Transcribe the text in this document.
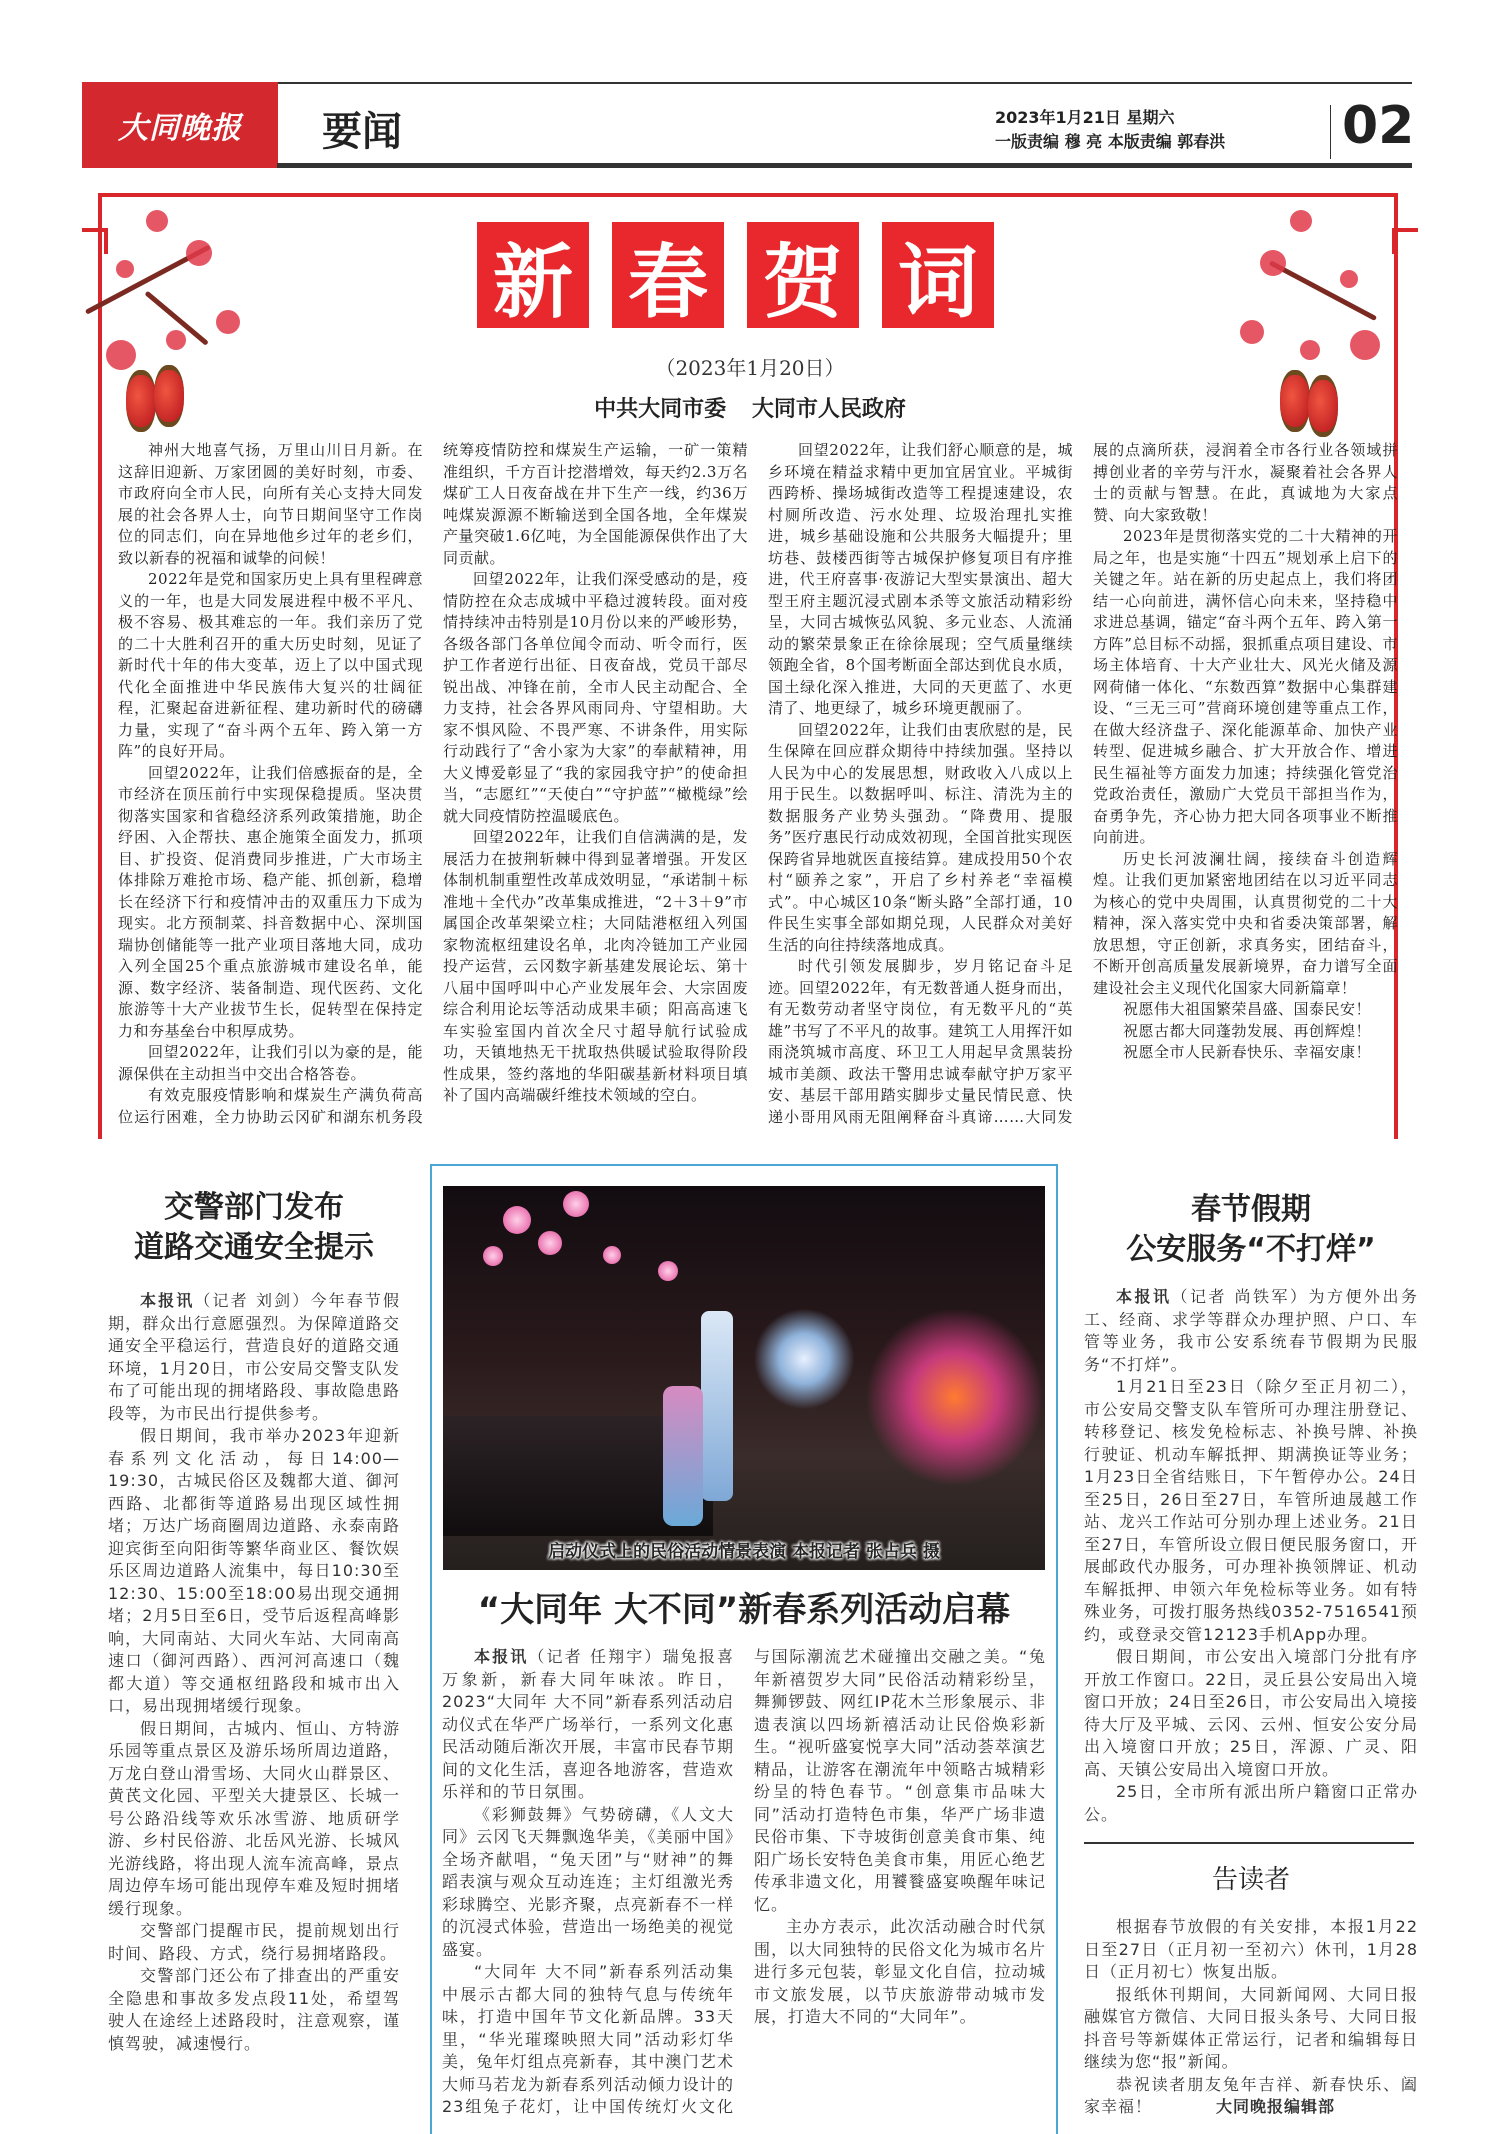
大同晚报	要闻	2023年1月21日 星期六
一版责编 穆 亮 本版责编 郭春洪 02
新 春 贺 词
（2023年1月20日）
中共大同市委 大同市人民政府

神州大地喜气扬，万里山川日月新。在这辞旧迎新、万家团圆的美好时刻，市委、市政府向全市人民，向所有关心支持大同发展的社会各界人士，向节日期间坚守工作岗位的同志们，向在异地他乡过年的老乡们，致以新春的祝福和诚挚的问候！

2022年是党和国家历史上具有里程碑意义的一年，也是大同发展进程中极不平凡、极不容易、极其难忘的一年。我们亲历了党的二十大胜利召开的重大历史时刻，见证了新时代十年的伟大变革，迈上了以中国式现代化全面推进中华民族伟大复兴的壮阔征程，汇聚起奋进新征程、建功新时代的磅礴力量，实现了“奋斗两个五年、跨入第一方阵”的良好开局。

回望2022年，让我们倍感振奋的是，全市经济在顶压前行中实现保稳提质。坚决贯彻落实国家和省稳经济系列政策措施，助企纾困、入企帮扶、惠企施策全面发力，抓项目、扩投资、促消费同步推进，广大市场主体排除万难抢市场、稳产能、抓创新，稳增长在经济下行和疫情冲击的双重压力下成为现实。北方预制菜、抖音数据中心、深圳国瑞协创储能等一批产业项目落地大同，成功入列全国25个重点旅游城市建设名单，能源、数字经济、装备制造、现代医药、文化旅游等十大产业拔节生长，促转型在保持定力和夯基垒台中积厚成势。

回望2022年，让我们引以为豪的是，能源保供在主动担当中交出合格答卷。

有效克服疫情影响和煤炭生产满负荷高位运行困难，全力协助云冈矿和湖东机务段统筹疫情防控和煤炭生产运输，一矿一策精准组织，千方百计挖潜增效，每天约2.3万名煤矿工人日夜奋战在井下生产一线，约36万吨煤炭源源不断输送到全国各地，全年煤炭产量突破1.6亿吨，为全国能源保供作出了大同贡献。

回望2022年，让我们深受感动的是，疫情防控在众志成城中平稳过渡转段。面对疫情持续冲击特别是10月份以来的严峻形势，各级各部门各单位闻令而动、听令而行，医护工作者逆行出征、日夜奋战，党员干部尽锐出战、冲锋在前，全市人民主动配合、全力支持，社会各界风雨同舟、守望相助。大家不惧风险、不畏严寒、不讲条件，用实际行动践行了“舍小家为大家”的奉献精神，用大义博爱彰显了“我的家园我守护”的使命担当，“志愿红”“天使白”“守护蓝”“橄榄绿”绘就大同疫情防控温暖底色。

回望2022年，让我们自信满满的是，发展活力在披荆斩棘中得到显著增强。开发区体制机制重塑性改革成效明显，“承诺制＋标准地＋全代办”改革集成推进，“2＋3＋9”市属国企改革架梁立柱；大同陆港枢纽入列国家物流枢纽建设名单，北肉冷链加工产业园投产运营，云冈数字新基建发展论坛、第十八届中国呼叫中心产业发展年会、大宗固废综合利用论坛等活动成果丰硕；阳高高速飞车实验室国内首次全尺寸超导航行试验成功，天镇地热无干扰取热供暖试验取得阶段性成果，签约落地的华阳碳基新材料项目填补了国内高端碳纤维技术领域的空白。

回望2022年，让我们舒心顺意的是，城乡环境在精益求精中更加宜居宜业。平城街西跨桥、操场城街改造等工程提速建设，农村厕所改造、污水处理、垃圾治理扎实推进，城乡基础设施和公共服务大幅提升；里坊巷、鼓楼西街等古城保护修复项目有序推进，代王府喜事·夜游记大型实景演出、超大型王府主题沉浸式剧本杀等文旅活动精彩纷呈，大同古城恢弘风貌、多元业态、人流涌动的繁荣景象正在徐徐展现；空气质量继续领跑全省，8个国考断面全部达到优良水质，国土绿化深入推进，大同的天更蓝了、水更清了、地更绿了，城乡环境更靓丽了。

回望2022年，让我们由衷欣慰的是，民生保障在回应群众期待中持续加强。坚持以人民为中心的发展思想，财政收入八成以上用于民生。以数据呼叫、标注、清洗为主的数据服务产业势头强劲。“降费用、提服务”医疗惠民行动成效初现，全国首批实现医保跨省异地就医直接结算。建成投用50个农村“颐养之家”，开启了乡村养老“幸福模式”。中心城区10条“断头路”全部打通，10件民生实事全部如期兑现，人民群众对美好生活的向往持续落地成真。

时代引领发展脚步，岁月铭记奋斗足迹。回望2022年，有无数普通人挺身而出，有无数劳动者坚守岗位，有无数平凡的“英雄”书写了不平凡的故事。建筑工人用挥汗如雨浇筑城市高度、环卫工人用起早贪黑装扮城市美颜、政法干警用忠诚奉献守护万家平安、基层干部用踏实脚步丈量民情民意、快递小哥用风雨无阻阐释奋斗真谛……大同发展的点滴所获，浸润着全市各行业各领域拼搏创业者的辛劳与汗水，凝聚着社会各界人士的贡献与智慧。在此，真诚地为大家点赞、向大家致敬！

2023年是贯彻落实党的二十大精神的开局之年，也是实施“十四五”规划承上启下的关键之年。站在新的历史起点上，我们将团结一心向前进，满怀信心向未来，坚持稳中求进总基调，锚定“奋斗两个五年、跨入第一方阵”总目标不动摇，狠抓重点项目建设、市场主体培育、十大产业壮大、风光火储及源网荷储一体化、“东数西算”数据中心集群建设、“三无三可”营商环境创建等重点工作，在做大经济盘子、深化能源革命、加快产业转型、促进城乡融合、扩大开放合作、增进民生福祉等方面发力加速；持续强化管党治党政治责任，激励广大党员干部担当作为，奋勇争先，齐心协力把大同各项事业不断推向前进。

历史长河波澜壮阔，接续奋斗创造辉煌。让我们更加紧密地团结在以习近平同志为核心的党中央周围，认真贯彻党的二十大精神，深入落实党中央和省委决策部署，解放思想，守正创新，求真务实，团结奋斗，不断开创高质量发展新境界，奋力谱写全面建设社会主义现代化国家大同新篇章！

祝愿伟大祖国繁荣昌盛、国泰民安！

祝愿古都大同蓬勃发展、再创辉煌！

祝愿全市人民新春快乐、幸福安康！

交警部门发布
道路交通安全提示

本报讯（记者 刘剑）今年春节假期，群众出行意愿强烈。为保障道路交通安全平稳运行，营造良好的道路交通环境，1月20日，市公安局交警支队发布了可能出现的拥堵路段、事故隐患路段等，为市民出行提供参考。

假日期间，我市举办2023年迎新春系列文化活动，每日14:00—19:30，古城民俗区及魏都大道、御河西路、北都街等道路易出现区域性拥堵；万达广场商圈周边道路、永泰南路迎宾街至向阳街等繁华商业区、餐饮娱乐区周边道路人流集中，每日10:30至12:30、15:00至18:00易出现交通拥堵；2月5日至6日，受节后返程高峰影响，大同南站、大同火车站、大同南高速口（御河西路）、西河河高速口（魏都大道）等交通枢纽路段和城市出入口，易出现拥堵缓行现象。

假日期间，古城内、恒山、方特游乐园等重点景区及游乐场所周边道路，万龙白登山滑雪场、大同火山群景区、黄芪文化园、平型关大捷景区、长城一号公路沿线等欢乐冰雪游、地质研学游、乡村民俗游、北岳风光游、长城风光游线路，将出现人流车流高峰，景点周边停车场可能出现停车难及短时拥堵缓行现象。

交警部门提醒市民，提前规划出行时间、路段、方式，绕行易拥堵路段。

交警部门还公布了排查出的严重安全隐患和事故多发点段11处，希望驾驶人在途经上述路段时，注意观察，谨慎驾驶，减速慢行。

启动仪式上的民俗活动情景表演 本报记者 张占兵 摄
“大同年 大不同”新春系列活动启幕

本报讯（记者 任翔宇）瑞兔报喜万象新，新春大同年味浓。昨日，2023“大同年 大不同”新春系列活动启动仪式在华严广场举行，一系列文化惠民活动随后渐次开展，丰富市民春节期间的文化生活，喜迎各地游客，营造欢乐祥和的节日氛围。

《彩狮鼓舞》气势磅礴，《人文大同》云冈飞天舞飘逸华美，《美丽中国》全场齐献唱，“兔天团”与“财神”的舞蹈表演与观众互动连连；主灯组激光秀彩球腾空、光影齐聚，点亮新春不一样的沉浸式体验，营造出一场绝美的视觉盛宴。

“大同年 大不同”新春系列活动集中展示古都大同的独特气息与传统年味，打造中国年节文化新品牌。33天里，“华光璀璨映照大同”活动彩灯华美，兔年灯组点亮新春，其中澳门艺术大师马若龙为新春系列活动倾力设计的23组兔子花灯，让中国传统灯火文化与国际潮流艺术碰撞出交融之美。“兔年新禧贺岁大同”民俗活动精彩纷呈，舞狮锣鼓、网红IP花木兰形象展示、非遗表演以四场新禧活动让民俗焕彩新生。“视听盛宴悦享大同”活动荟萃演艺精品，让游客在潮流年中领略古城精彩纷呈的特色春节。“创意集市品味大同”活动打造特色市集，华严广场非遗民俗市集、下寺坡街创意美食市集、纯阳广场长安特色美食市集，用匠心绝艺传承非遗文化，用饕餮盛宴唤醒年味记忆。

主办方表示，此次活动融合时代氛围，以大同独特的民俗文化为城市名片进行多元包装，彰显文化自信，拉动城市文旅发展，以节庆旅游带动城市发展，打造大不同的“大同年”。

春节假期
公安服务“不打烊”

本报讯（记者 尚铁军）为方便外出务工、经商、求学等群众办理护照、户口、车管等业务，我市公安系统春节假期为民服务“不打烊”。

1月21日至23日（除夕至正月初二），市公安局交警支队车管所可办理注册登记、转移登记、核发免检标志、补换号牌、补换行驶证、机动车解抵押、期满换证等业务；1月23日全省结账日，下午暂停办公。24日至25日，26日至27日，车管所迪晟越工作站、龙兴工作站可分别办理上述业务。21日至27日，车管所设立假日便民服务窗口，开展邮政代办服务，可办理补换领牌证、机动车解抵押、申领六年免检标等业务。如有特殊业务，可拨打服务热线0352-7516541预约，或登录交管12123手机App办理。

假日期间，市公安出入境部门分批有序开放工作窗口。22日，灵丘县公安局出入境窗口开放；24日至26日，市公安局出入境接待大厅及平城、云冈、云州、恒安公安分局出入境窗口开放；25日，浑源、广灵、阳高、天镇公安局出入境窗口开放。

25日，全市所有派出所户籍窗口正常办公。

告读者

根据春节放假的有关安排，本报1月22日至27日（正月初一至初六）休刊，1月28日（正月初七）恢复出版。

报纸休刊期间，大同新闻网、大同日报融媒官方微信、大同日报头条号、大同日报抖音号等新媒体正常运行，记者和编辑每日继续为您“报”新闻。

恭祝读者朋友兔年吉祥、新春快乐、阖家幸福！	大同晚报编辑部
